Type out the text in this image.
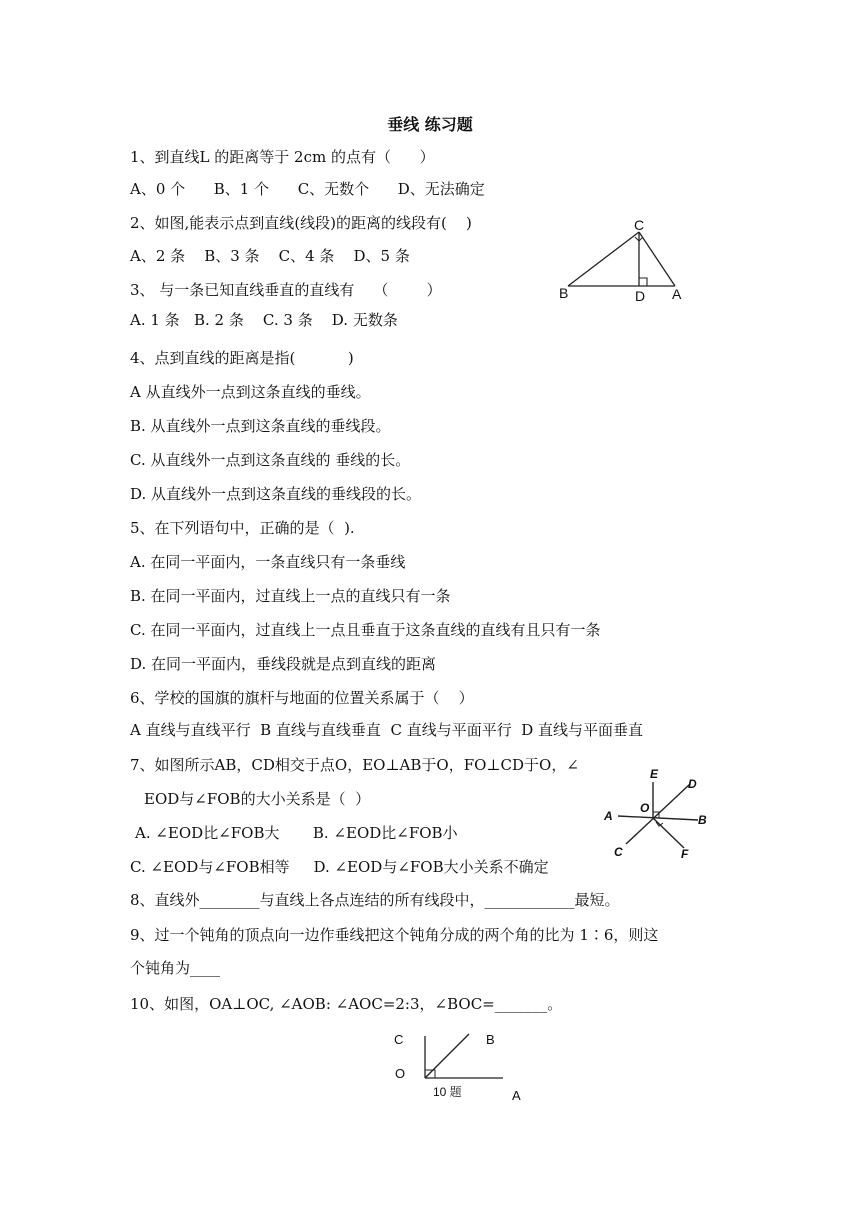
垂线 练习题
1、到直线L 的距离等于 2cm 的点有（      ）
A、0 个      B、1 个      C、无数个      D、无法确定
2、如图,能表示点到直线(线段)的距离的线段有(    )
A、2 条    B、3 条    C、4 条    D、5 条
3、 与一条已知直线垂直的直线有    （        ）
A. 1 条   B. 2 条    C. 3 条    D. 无数条
4、点到直线的距离是指(           )
A 从直线外一点到这条直线的垂线。
B. 从直线外一点到这条直线的垂线段。
C. 从直线外一点到这条直线的 垂线的长。
D. 从直线外一点到这条直线的垂线段的长。
5、在下列语句中，正确的是（  ).
A. 在同一平面内，一条直线只有一条垂线
B. 在同一平面内，过直线上一点的直线只有一条
C. 在同一平面内，过直线上一点且垂直于这条直线的直线有且只有一条
D. 在同一平面内，垂线段就是点到直线的距离
6、学校的国旗的旗杆与地面的位置关系属于（    ）
A 直线与直线平行  B 直线与直线垂直  C 直线与平面平行  D 直线与平面垂直
7、如图所示AB，CD相交于点O，EO⊥AB于O，FO⊥CD于O，∠
EOD与∠FOB的大小关系是（  ）
A. ∠EOD比∠FOB大       B. ∠EOD比∠FOB小
C. ∠EOD与∠FOB相等     D. ∠EOD与∠FOB大小关系不确定
8、直线外________与直线上各点连结的所有线段中，____________最短。
9、过一个钝角的顶点向一边作垂线把这个钝角分成的两个角的比为 1∶6，则这
个钝角为____
10、如图，OA⊥OC, ∠AOB: ∠AOC=2:3，∠BOC=_______。
C
B	D A
E
D
O
A	B
C	F
C	B
O
10 题	A
